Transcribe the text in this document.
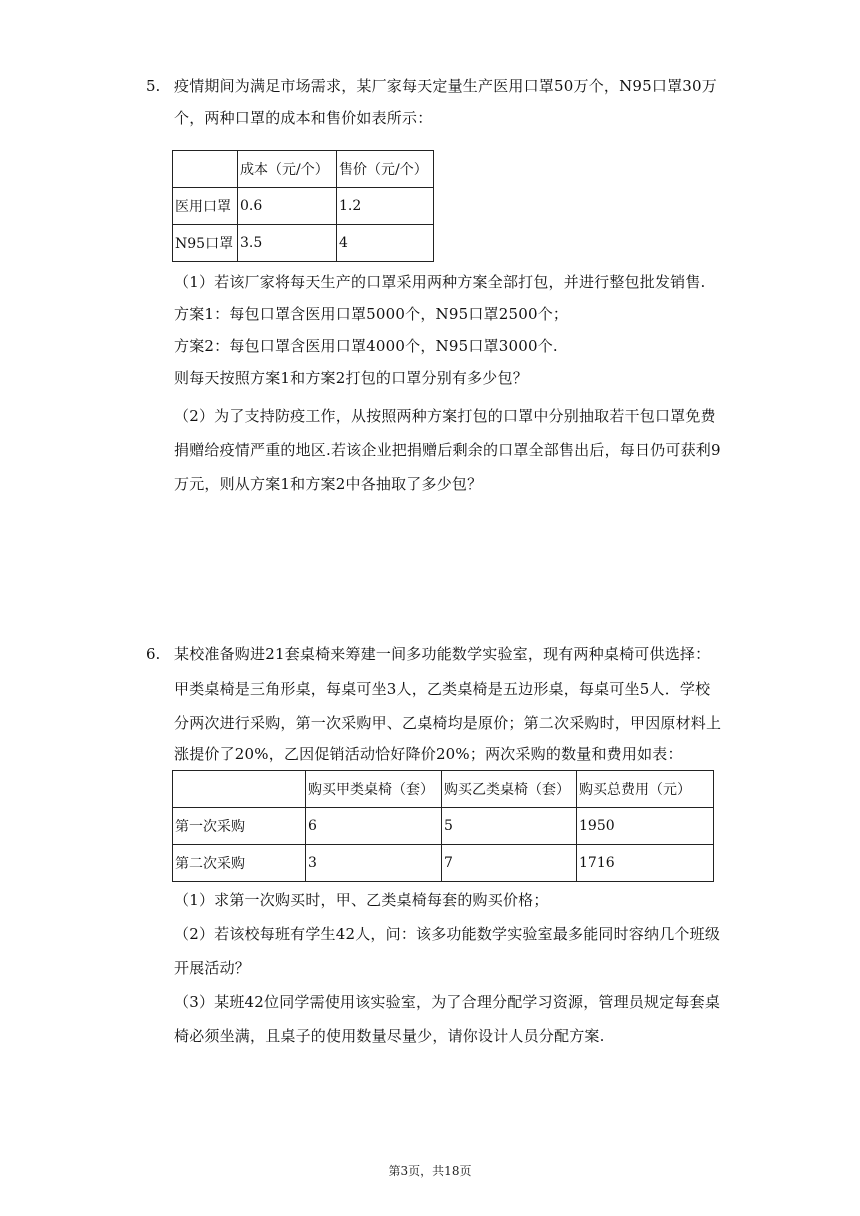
5. 疫情期间为满足市场需求，某厂家每天定量生产医用口罩50万个，N95口罩30万
个，两种口罩的成本和售价如表所示：
	成本（元/个）	售价（元/个）
医用口罩	0.6	1.2
N95口罩	3.5	4
（1）若该厂家将每天生产的口罩采用两种方案全部打包，并进行整包批发销售.
方案1：每包口罩含医用口罩5000个，N95口罩2500个；
方案2：每包口罩含医用口罩4000个，N95口罩3000个.
则每天按照方案1和方案2打包的口罩分别有多少包？
（2）为了支持防疫工作，从按照两种方案打包的口罩中分别抽取若干包口罩免费
捐赠给疫情严重的地区.若该企业把捐赠后剩余的口罩全部售出后，每日仍可获利9
万元，则从方案1和方案2中各抽取了多少包？
6. 某校准备购进21套桌椅来筹建一间多功能数学实验室，现有两种桌椅可供选择：
甲类桌椅是三角形桌，每桌可坐3人，乙类桌椅是五边形桌，每桌可坐5人．学校
分两次进行采购，第一次采购甲、乙桌椅均是原价；第二次采购时，甲因原材料上
涨提价了20%，乙因促销活动恰好降价20%；两次采购的数量和费用如表：
	购买甲类桌椅（套）	购买乙类桌椅（套）	购买总费用（元）
第一次采购	6	5	1950
第二次采购	3	7	1716
（1）求第一次购买时，甲、乙类桌椅每套的购买价格；
（2）若该校每班有学生42人，问：该多功能数学实验室最多能同时容纳几个班级
开展活动？
（3）某班42位同学需使用该实验室，为了合理分配学习资源，管理员规定每套桌
椅必须坐满，且桌子的使用数量尽量少，请你设计人员分配方案.
第3页，共18页
